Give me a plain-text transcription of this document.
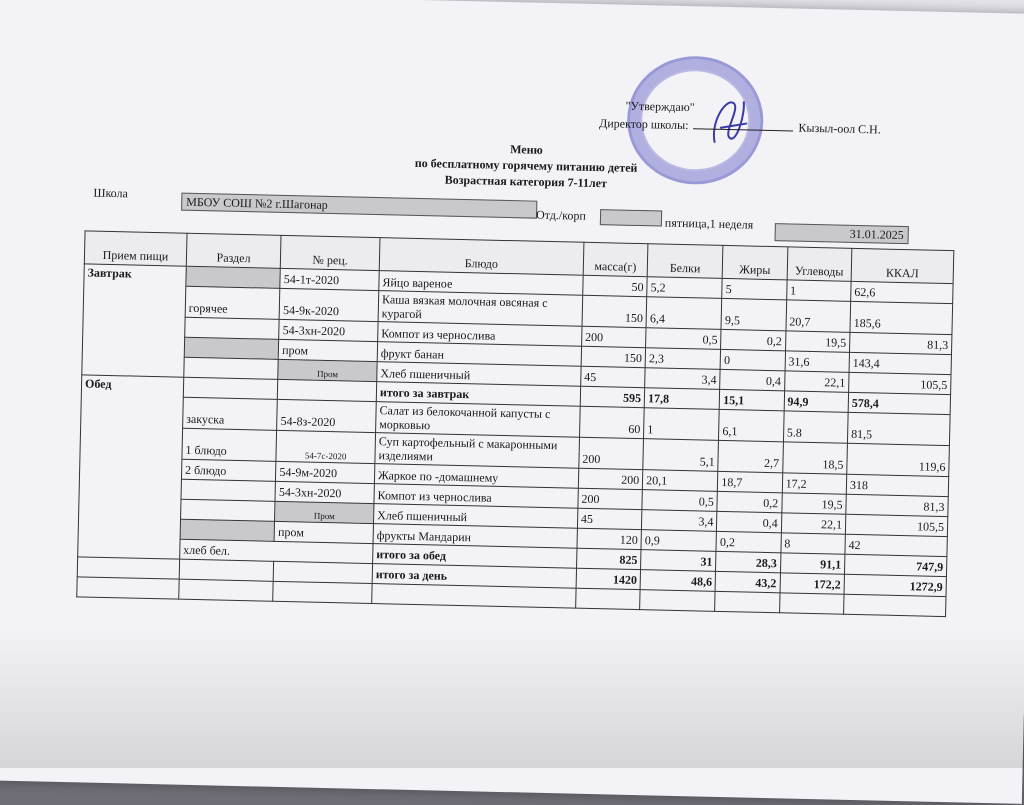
"Утверждаю"
Директор школы:	Кызыл-оол С.Н.
Меню
по бесплатному горячему питанию детей
Возрастная категория 7-11лет
Школа
МБОУ СОШ №2 г.Шагонар
Отд./корп
пятница,1 неделя
31.01.2025
Прием пищи	Раздел	№ рец.	Блюдо	масса(г)	Белки	Жиры	Углеводы	ККАЛ
Завтрак		54-1т-2020	Яйцо вареное	50	5,2	5	1	62,6
	горячее	54-9к-2020	Каша вязкая молочная овсяная с курагой	150	6,4	9,5	20,7	185,6
		54-3хн-2020	Компот из чернослива	200	0,5	0,2	19,5	81,3
		пром	фрукт банан	150	2,3	0	31,6	143,4
		Пром	Хлеб пшеничный	45	3,4	0,4	22,1	105,5
Обед			итого за завтрак	595	17,8	15,1	94,9	578,4
	закуска	54-8з-2020	Салат из белокочанной капусты с морковью	60	1	6,1	5.8	81,5
	1 блюдо	54-7с-2020	Суп картофельный с макаронными изделиями	200	5,1	2,7	18,5	119,6
	2 блюдо	54-9м-2020	Жаркое по -домашнему	200	20,1	18,7	17,2	318
		54-3хн-2020	Компот из чернослива	200	0,5	0,2	19,5	81,3
		Пром	Хлеб пшеничный	45	3,4	0,4	22,1	105,5
		пром	фрукты Мандарин	120	0,9	0,2	8	42
	хлеб бел.		итого за обед	825	31	28,3	91,1	747,9
			итого за день	1420	48,6	43,2	172,2	1272,9
